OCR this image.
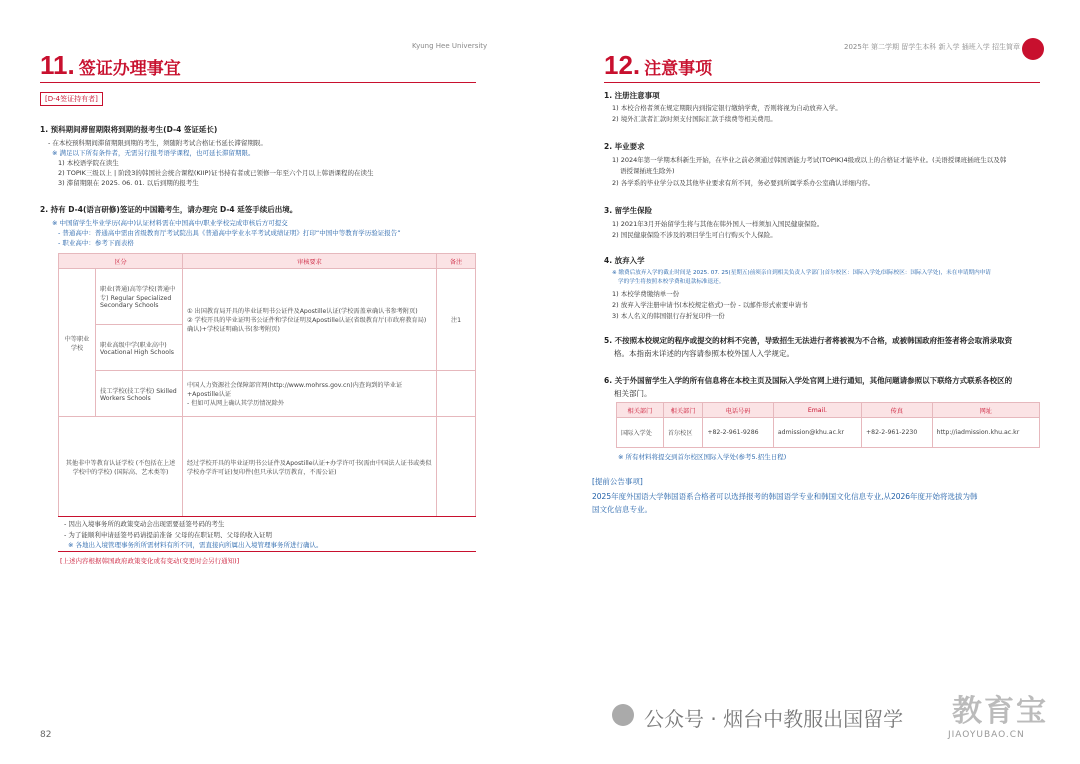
Kyung Hee University
11. 签证办理事宜
[D-4签证持有者]
1. 预科期间滞留期限将到期的报考生(D-4 签证延长)
- 在本校预科期间滞留期限到期的考生，须随附考试合格证书延长滞留期限。
※ 满足以下所有条件者，无需另行报考语学课程，也可延长滞留期限。
1) 本校语学院在读生
2) TOPIK三级以上 | 阶段3的韩国社会统合课程(KIIP)证书持有者或已领修一年至六个月以上韩语课程的在读生
3) 滞留期限在 2025. 06. 01. 以后到期的报考生
2. 持有 D-4(语言研修)签证的中国籍考生，请办理完 D-4 延签手续后出境。
※ 中国留学生毕业学历(高中)认证材料需在中国高中/职业学校完成审核后方可提交
- 普通高中：普通高中需由省级教育厅考试院出具《普通高中学业水平考试成绩证明》打印“中国中等教育学历验证报告”
- 职业高中：参考下面表格
区分		审核要求	备注
中等职业学校	职业(普通)高等学校(普通中专) Regular Specialized Secondary Schools	① 出国教育局开具的毕业证明书公证件及Apostille认证(学校需盖章确认书参考附页)
② 学校开具的毕业证明书公证件和学位证明及Apostille认证(省级教育厅(市政府教育局)确认)+学校证明确认书(参考附页)	注1
	职业高级中学(职业高中) Vocational High Schools		
	技工学校(技工学校) Skilled Workers Schools	中国人力资源社会保障部官网(http://www.mohrss.gov.cn)内查询到的毕业证+Apostille认证
- 但如可从网上确认其学历情况除外	

其他非中等教育认证学校 (不包括在上述学校中的学校) (国际高、艺术类等)		经过学校开具的毕业证明书公证件及Apostille认证+办学许可书(需由中国法人证书或类似学校办学许可证)复印件(但只承认学历教育，不需公证)	
- 因出入境事务所的政策变动会出现需要延签号码的考生
- 为了能顺利申请延签号码请提前准备 父母的在职证明、父母的收入证明
※ 各地出入境管理事务所所需材料有所不同，需直接向所属出入境管理事务所进行确认。
[上述内容根据韩国政府政策变化或有变动(变更时会另行通知)]
82
2025年 第二学期 留学生本科 新入学 插班入学 招生简章
12. 注意事项
1. 注册注意事项
1) 本校合格者须在规定期限内到指定银行缴纳学费，否则将视为自动放弃入学。
2) 境外汇款者汇款时须支付国际汇款手续费等相关费用。
2. 毕业要求
1) 2024年第一学期本科新生开始，在毕业之前必须通过韩国语能力考试(TOPIK)4级或以上的合格证才能毕业。(关语授课班插班生以及韩
语授课插班生除外)
2) 各学系的毕业学分以及其他毕业要求有所不同，务必要到所属学系办公室确认详细内容。
3. 留学生保险
1) 2021年3月开始留学生将与其他在韩外国人一样须加入国民健康保险。
2) 国民健康保险不涉及的项目学生可自行购买个人保险。
4. 放弃入学
※ 缴费后放弃入学的截止时间是 2025. 07. 25(星期五)前须亲自到相关负责人学部门(首尔校区：国际入学处/国际校区：国际入学处)，未在申请期内申请
学的学生将按照本校学费和退款标准退还。
1) 本校学费缴纳单一份
2) 放弃入学注册申请书(本校规定格式)一份 - 以邮件形式索要申请书
3) 本人名义的韩国银行存折复印件一份
5. 不按照本校规定的程序或提交的材料不完善，导致招生无法进行者将被视为不合格，或被韩国政府拒签者将会取消录取资
格。本指南未详述的内容请参照本校外国人入学规定。
6. 关于外国留学生入学的所有信息将在本校主页及国际入学处官网上进行通知，其他问题请参照以下联络方式联系各校区的
相关部门。
相关部门	相关部门	电话号码	Email.	传真	网址
国际入学处	首尔校区	+82-2-961-9286	admission@khu.ac.kr	+82-2-961-2230	http://iadmission.khu.ac.kr
※ 所有材料将提交到首尔校区国际入学处(参考5.招生日程)
[提前公告事项]
2025年度外国语大学韩国语系合格者可以选择报考的韩国语学专业和韩国文化信息专业,从2026年度开始将选拔为韩
国文化信息专业。
公众号 · 烟台中教服出国留学 教育宝
JIAOYUBAO.CN
